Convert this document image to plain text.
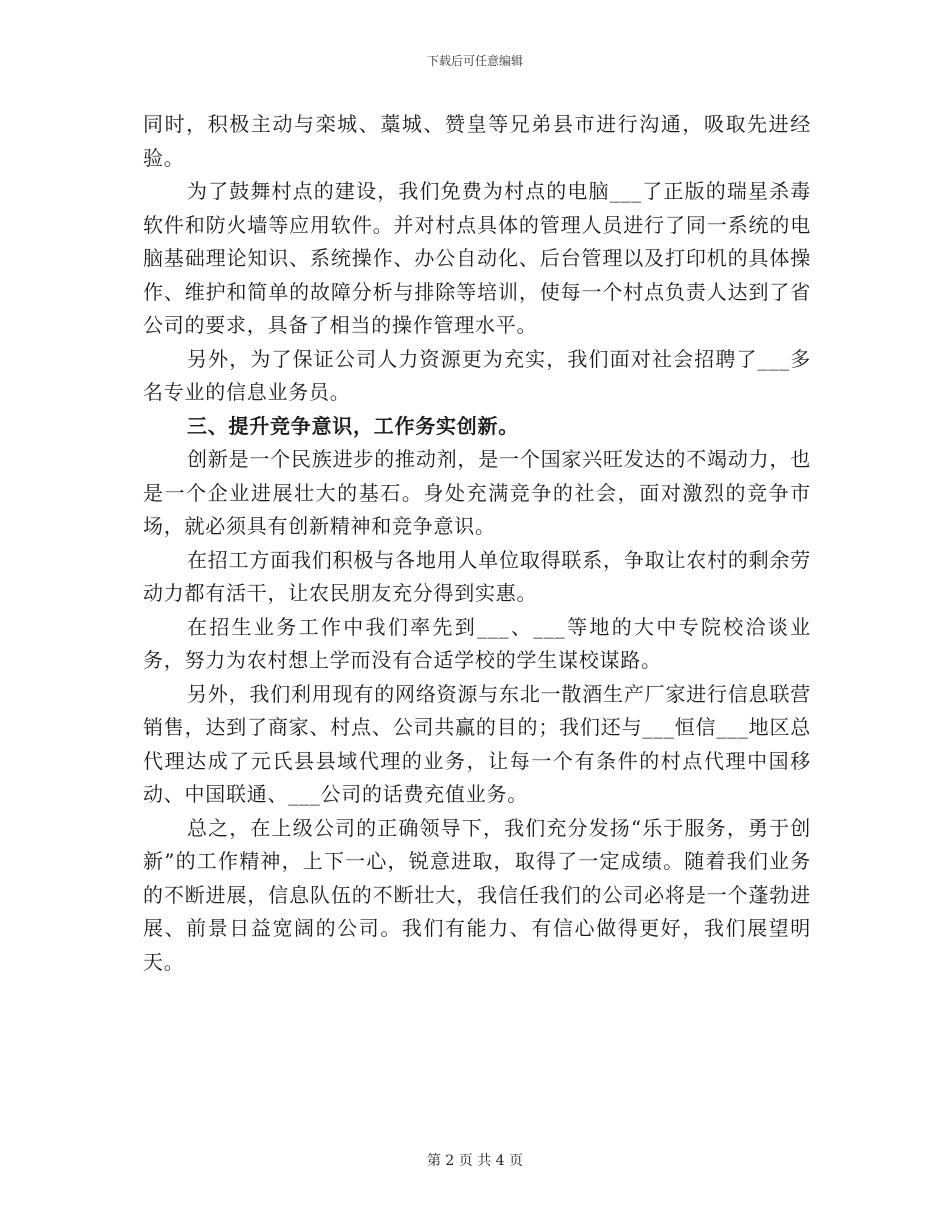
下载后可任意编辑

同时，积极主动与栾城、藁城、赞皇等兄弟县市进行沟通，吸取先进经验。

为了鼓舞村点的建设，我们免费为村点的电脑___了正版的瑞星杀毒软件和防火墙等应用软件。并对村点具体的管理人员进行了同一系统的电脑基础理论知识、系统操作、办公自动化、后台管理以及打印机的具体操作、维护和简单的故障分析与排除等培训，使每一个村点负责人达到了省公司的要求，具备了相当的操作管理水平。

另外，为了保证公司人力资源更为充实，我们面对社会招聘了___多名专业的信息业务员。

三、提升竞争意识，工作务实创新。

创新是一个民族进步的推动剂，是一个国家兴旺发达的不竭动力，也是一个企业进展壮大的基石。身处充满竞争的社会，面对激烈的竞争市场，就必须具有创新精神和竞争意识。

在招工方面我们积极与各地用人单位取得联系，争取让农村的剩余劳动力都有活干，让农民朋友充分得到实惠。

在招生业务工作中我们率先到___、___等地的大中专院校洽谈业务，努力为农村想上学而没有合适学校的学生谋校谋路。

另外，我们利用现有的网络资源与东北一散酒生产厂家进行信息联营销售，达到了商家、村点、公司共赢的目的；我们还与___恒信___地区总代理达成了元氏县县域代理的业务，让每一个有条件的村点代理中国移动、中国联通、___公司的话费充值业务。

总之，在上级公司的正确领导下，我们充分发扬“乐于服务，勇于创新”的工作精神，上下一心，锐意进取，取得了一定成绩。随着我们业务的不断进展，信息队伍的不断壮大，我信任我们的公司必将是一个蓬勃进展、前景日益宽阔的公司。我们有能力、有信心做得更好，我们展望明天。

第 2 页 共 4 页
